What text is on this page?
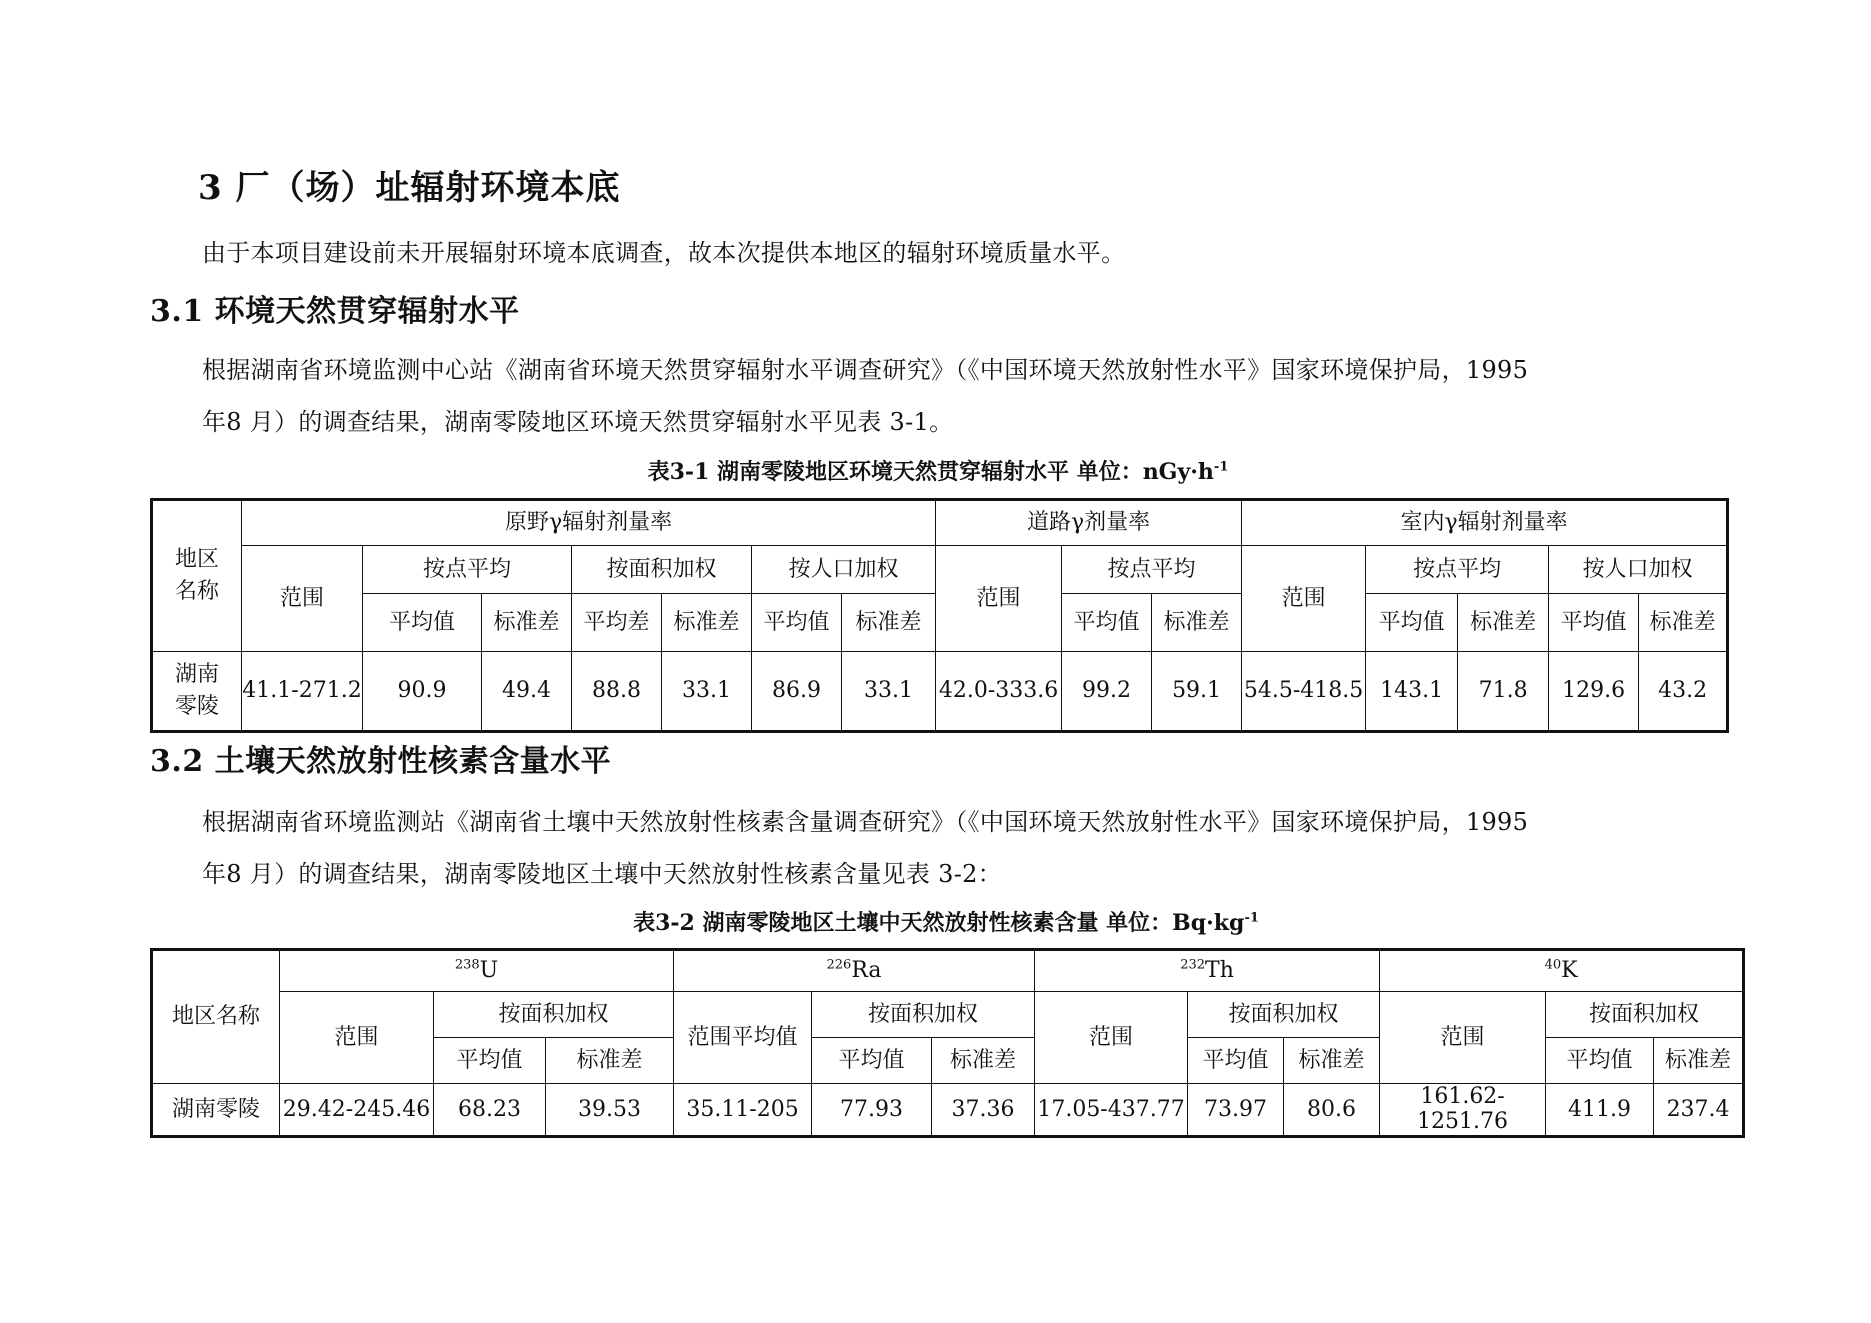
3 厂（场）址辐射环境本底

由于本项目建设前未开展辐射环境本底调查，故本次提供本地区的辐射环境质量水平。

3.1 环境天然贯穿辐射水平

根据湖南省环境监测中心站《湖南省环境天然贯穿辐射水平调查研究》（《中国环境天然放射性水平》国家环境保护局，1995

年8 月）的调查结果，湖南零陵地区环境天然贯穿辐射水平见表 3-1。

表3-1 湖南零陵地区环境天然贯穿辐射水平 单位：$nGy\cdot h^{-1}$
地区名称	原野γ辐射剂量率							道路γ剂量率			室内γ辐射剂量率				
	范围	按点平均		按面积加权		按人口加权		范围	按点平均		范围	按点平均		按人口加权	
		平均值	标准差	平均差	标准差	平均值	标准差		平均值	标准差		平均值	标准差	平均值	标准差

湖南零陵	41.1-271.2	90.9	49.4	88.8	33.1	86.9	33.1	42.0-333.6	99.2	59.1	54.5-418.5	143.1	71.8	129.6	43.2
3.2 土壤天然放射性核素含量水平

根据湖南省环境监测站《湖南省土壤中天然放射性核素含量调查研究》（《中国环境天然放射性水平》国家环境保护局，1995

年8 月）的调查结果，湖南零陵地区土壤中天然放射性核素含量见表 3-2：

表3-2 湖南零陵地区土壤中天然放射性核素含量 单位：$Bq\cdot kg^{-1}$
地区名称	$^{238}$U			$^{226}$Ra			$^{232}$Th			$^{40}$K		
	范围	按面积加权		范围平均值	按面积加权		范围	按面积加权		范围	按面积加权	
		平均值	标准差		平均值	标准差		平均值	标准差		平均值	标准差
湖南零陵	29.42-245.46	68.23	39.53	35.11-205	77.93	37.36	17.05-437.77	73.97	80.6	161.62-1251.76	411.9	237.4
